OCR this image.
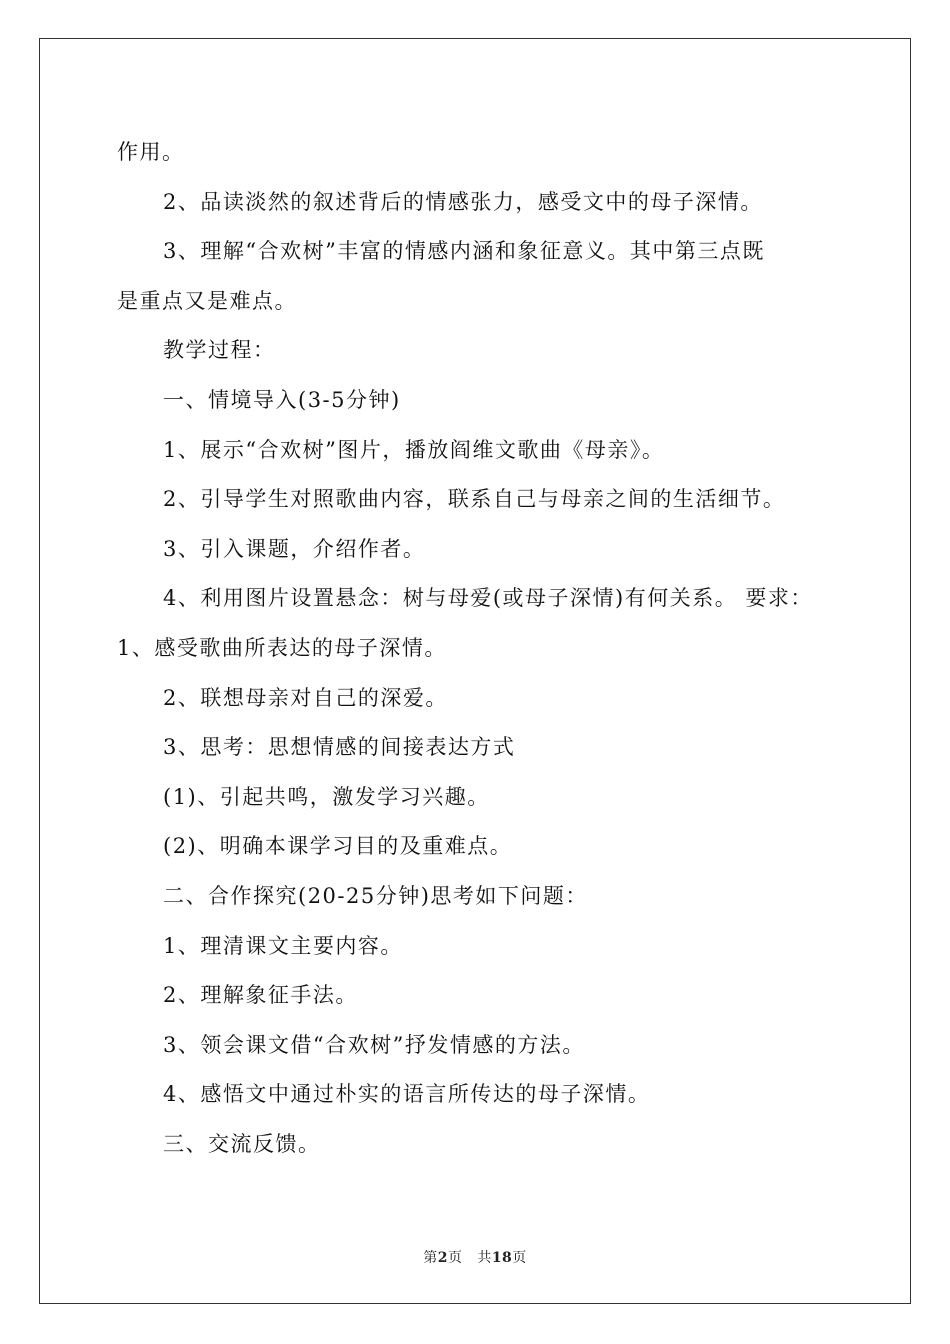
作用。
2、品读淡然的叙述背后的情感张力，感受文中的母子深情。
3、理解“合欢树”丰富的情感内涵和象征意义。其中第三点既
是重点又是难点。
教学过程：
一、情境导入(3-5分钟)
1、展示“合欢树”图片，播放阎维文歌曲《母亲》。
2、引导学生对照歌曲内容，联系自己与母亲之间的生活细节。
3、引入课题，介绍作者。
4、利用图片设置悬念：树与母爱(或母子深情)有何关系。 要求：
1、感受歌曲所表达的母子深情。
2、联想母亲对自己的深爱。
3、思考：思想情感的间接表达方式
(1)、引起共鸣，激发学习兴趣。
(2)、明确本课学习目的及重难点。
二、合作探究(20-25分钟)思考如下问题：
1、理清课文主要内容。
2、理解象征手法。
3、领会课文借“合欢树”抒发情感的方法。
4、感悟文中通过朴实的语言所传达的母子深情。
三、交流反馈。
第2页 共18页
